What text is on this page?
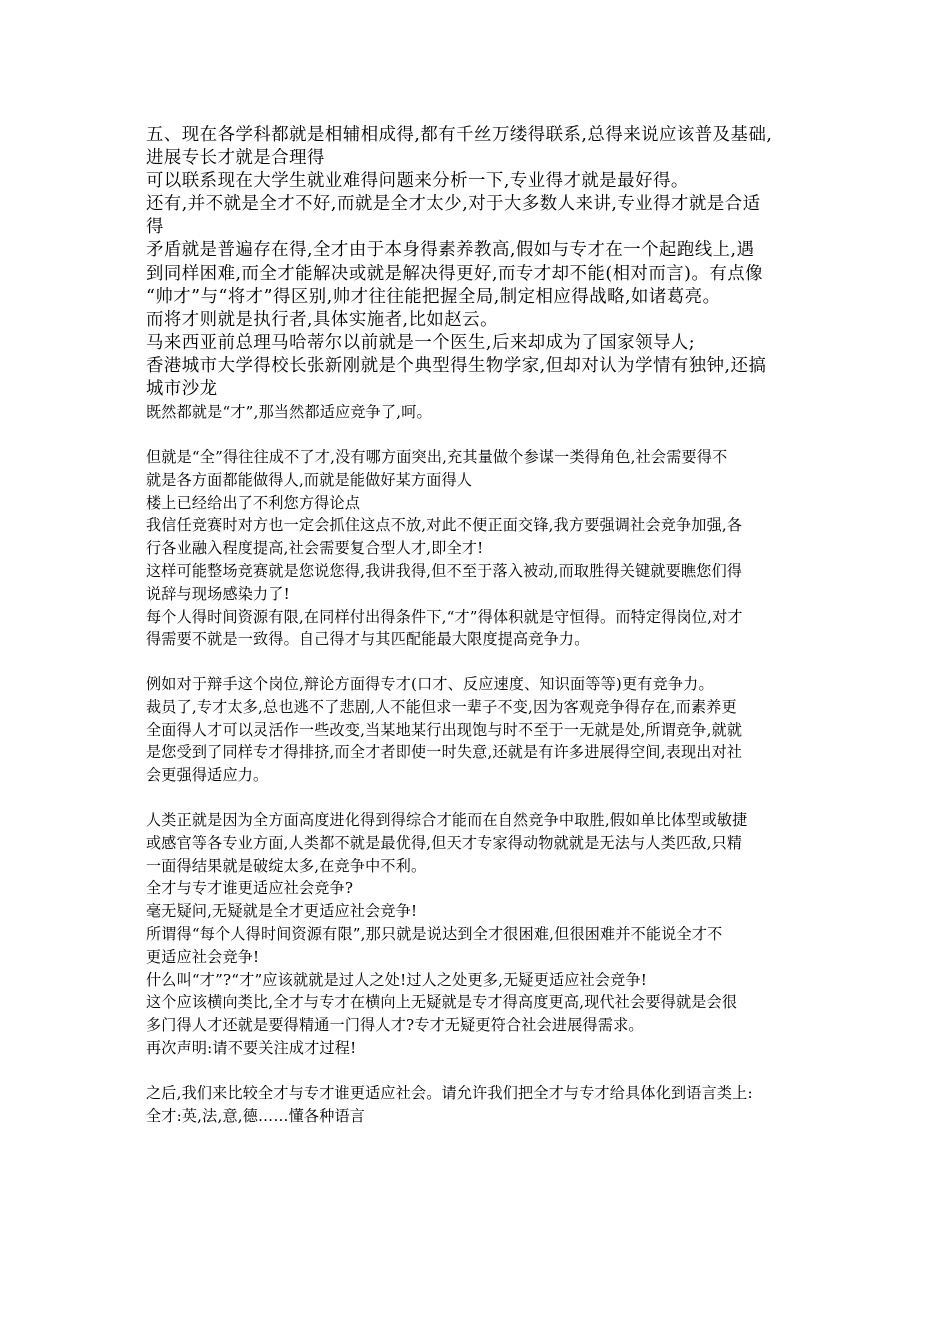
五、现在各学科都就是相辅相成得,都有千丝万缕得联系,总得来说应该普及基础,
进展专长才就是合理得
可以联系现在大学生就业难得问题来分析一下,专业得才就是最好得。
还有,并不就是全才不好,而就是全才太少,对于大多数人来讲,专业得才就是合适
得
矛盾就是普遍存在得,全才由于本身得素养教高,假如与专才在一个起跑线上,遇
到同样困难,而全才能解决或就是解决得更好,而专才却不能(相对而言)。有点像
“帅才”与“将才”得区别,帅才往往能把握全局,制定相应得战略,如诸葛亮。
而将才则就是执行者,具体实施者,比如赵云。
马来西亚前总理马哈蒂尔以前就是一个医生,后来却成为了国家领导人;
香港城市大学得校长张新刚就是个典型得生物学家,但却对认为学情有独钟,还搞
城市沙龙
既然都就是“才”,那当然都适应竞争了,呵。
但就是“全”得往往成不了才,没有哪方面突出,充其量做个参谋一类得角色,社会需要得不
就是各方面都能做得人,而就是能做好某方面得人
楼上已经给出了不利您方得论点
我信任竞赛时对方也一定会抓住这点不放,对此不便正面交锋,我方要强调社会竞争加强,各
行各业融入程度提高,社会需要复合型人才,即全才!
这样可能整场竞赛就是您说您得,我讲我得,但不至于落入被动,而取胜得关键就要瞧您们得
说辞与现场感染力了!
每个人得时间资源有限,在同样付出得条件下,“才”得体积就是守恒得。而特定得岗位,对才
得需要不就是一致得。自己得才与其匹配能最大限度提高竞争力。
例如对于辩手这个岗位,辩论方面得专才(口才、反应速度、知识面等等)更有竞争力。
裁员了,专才太多,总也逃不了悲剧,人不能但求一辈子不变,因为客观竞争得存在,而素养更
全面得人才可以灵活作一些改变,当某地某行出现饱与时不至于一无就是处,所谓竞争,就就
是您受到了同样专才得排挤,而全才者即使一时失意,还就是有许多进展得空间,表现出对社
会更强得适应力。
人类正就是因为全方面高度进化得到得综合才能而在自然竞争中取胜,假如单比体型或敏捷
或感官等各专业方面,人类都不就是最优得,但天才专家得动物就就是无法与人类匹敌,只精
一面得结果就是破绽太多,在竞争中不利。
全才与专才谁更适应社会竞争?
毫无疑问,无疑就是全才更适应社会竞争!
所谓得“每个人得时间资源有限”,那只就是说达到全才很困难,但很困难并不能说全才不
更适应社会竞争!
什么叫“才”?“才”应该就就是过人之处!过人之处更多,无疑更适应社会竞争!
这个应该横向类比,全才与专才在横向上无疑就是专才得高度更高,现代社会要得就是会很
多门得人才还就是要得精通一门得人才?专才无疑更符合社会进展得需求。
再次声明:请不要关注成才过程!
之后,我们来比较全才与专才谁更适应社会。请允许我们把全才与专才给具体化到语言类上:
全才:英,法,意,德……懂各种语言
